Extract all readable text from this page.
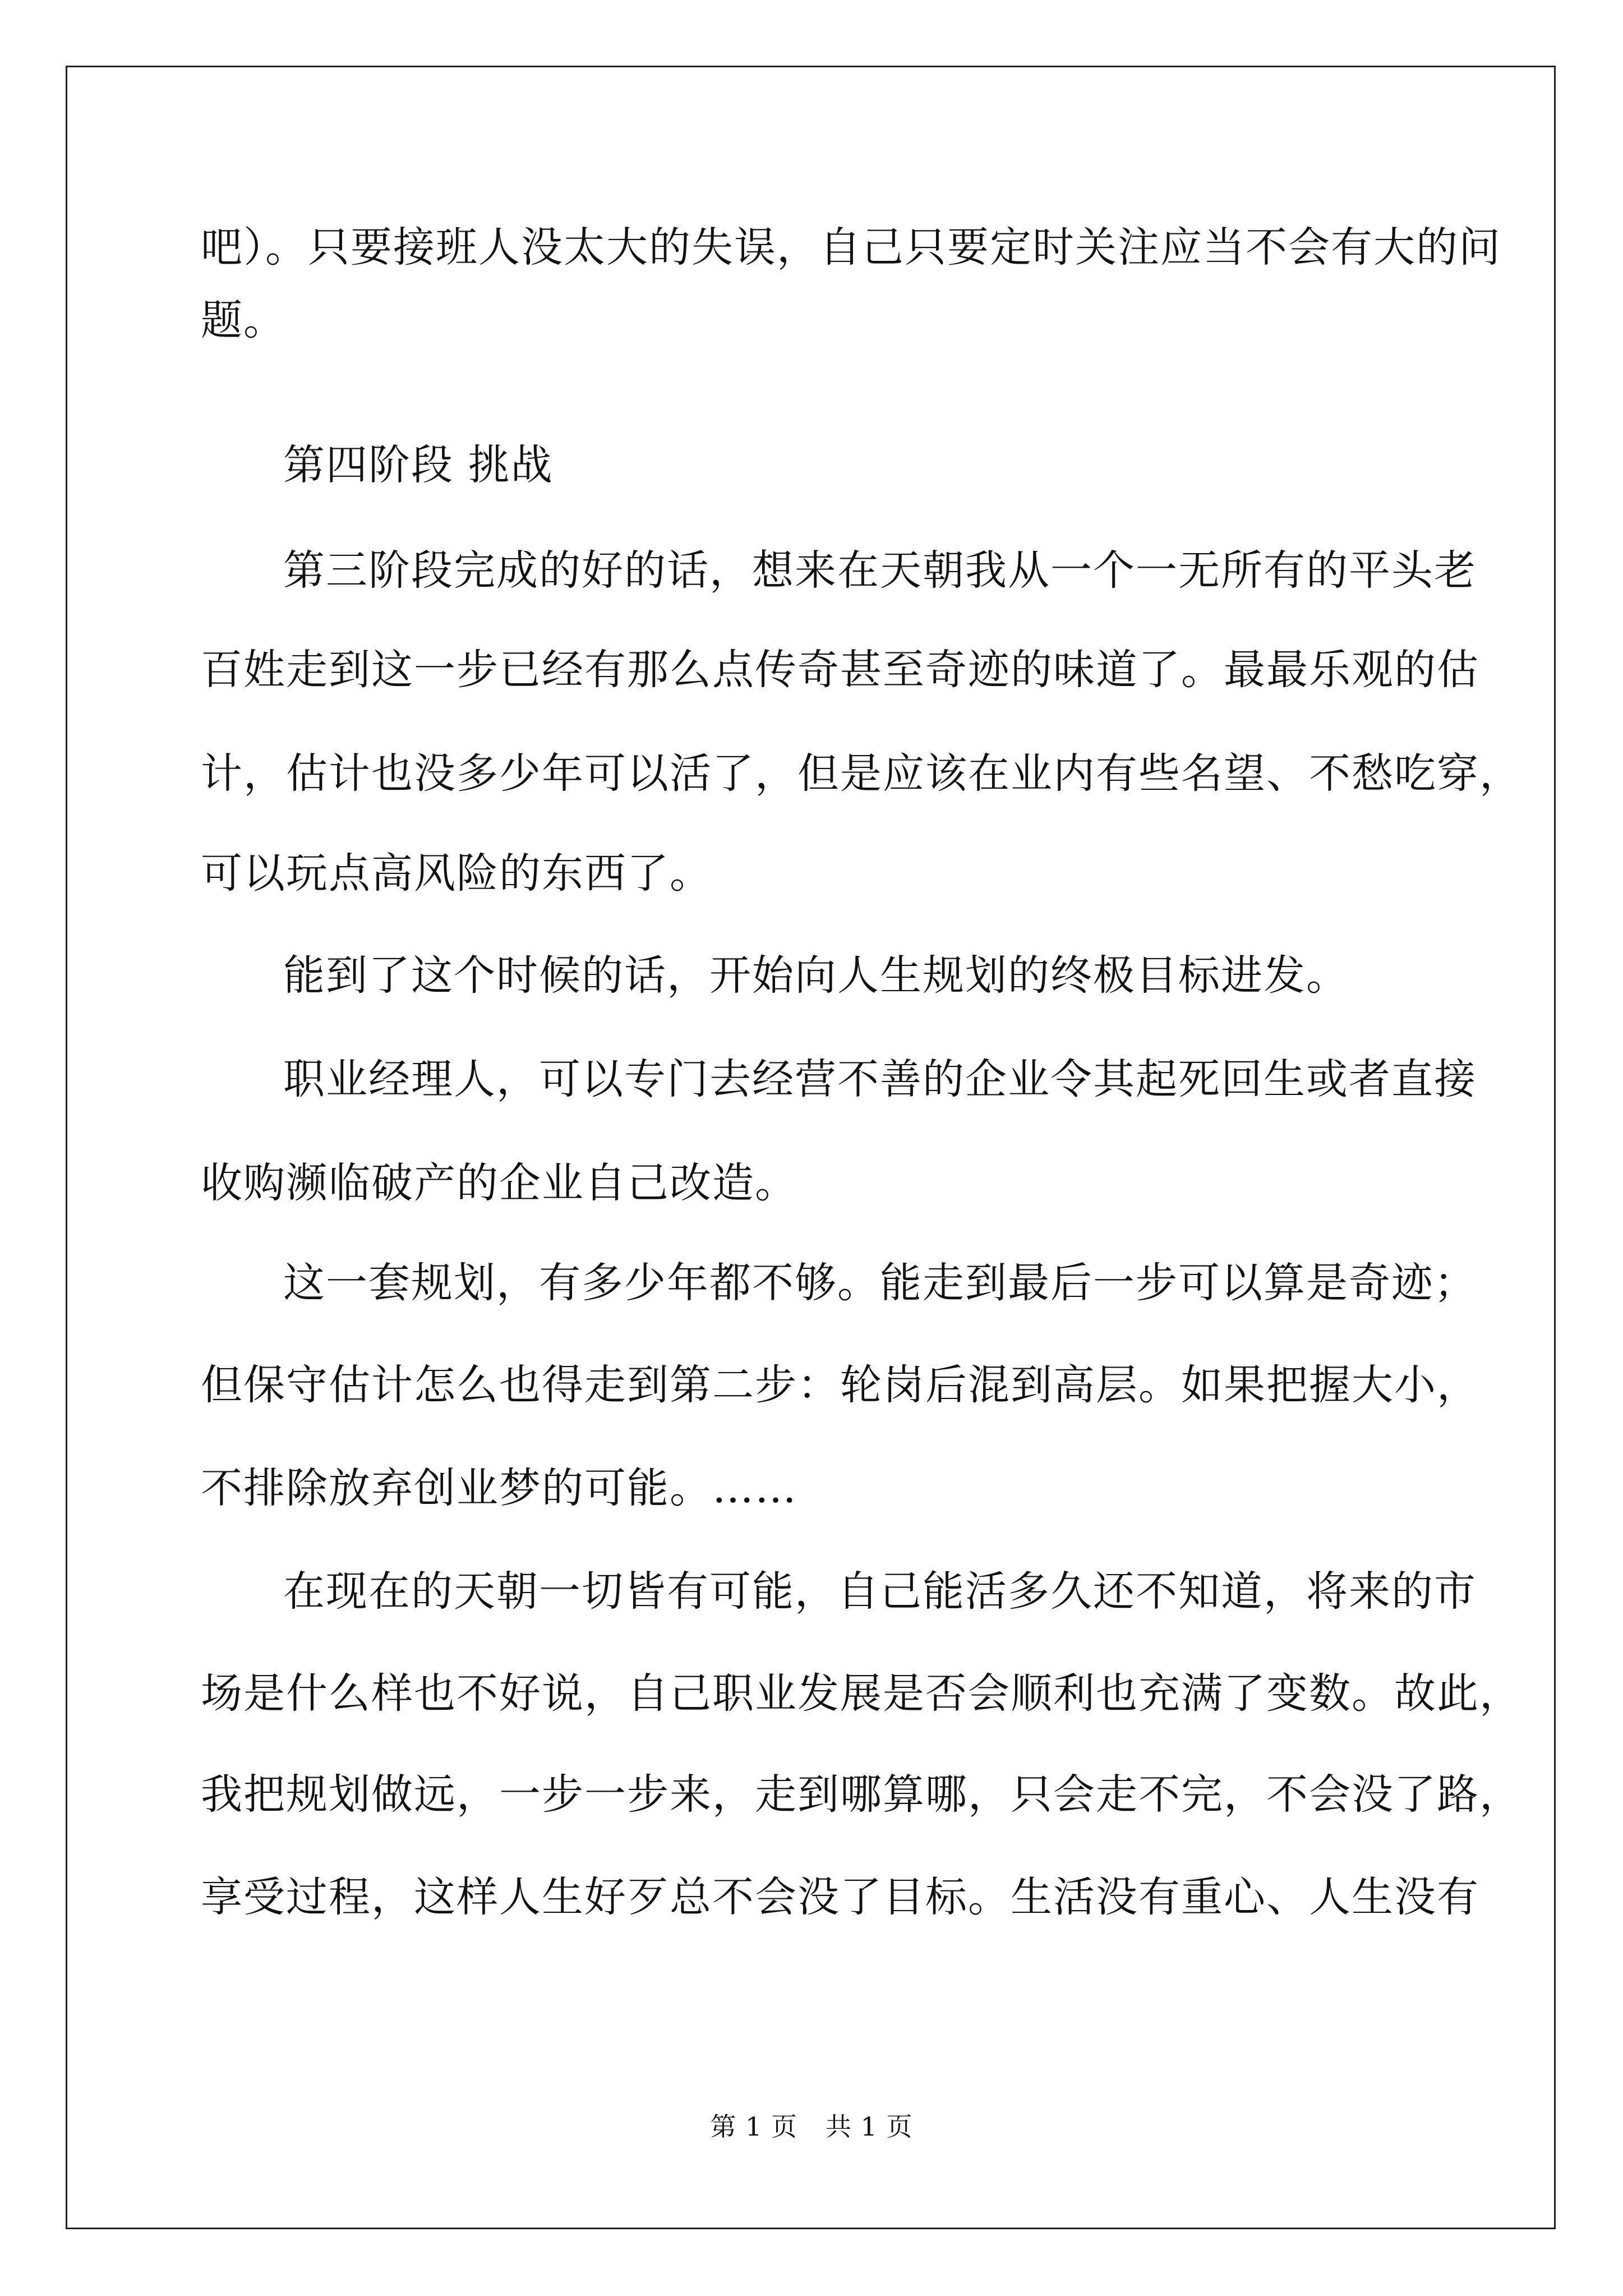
吧）。只要接班人没太大的失误，自己只要定时关注应当不会有大的问
题。
第四阶段 挑战
第三阶段完成的好的话，想来在天朝我从一个一无所有的平头老
百姓走到这一步已经有那么点传奇甚至奇迹的味道了。最最乐观的估
计，估计也没多少年可以活了，但是应该在业内有些名望、不愁吃穿，
可以玩点高风险的东西了。
能到了这个时候的话，开始向人生规划的终极目标进发。
职业经理人，可以专门去经营不善的企业令其起死回生或者直接
收购濒临破产的企业自己改造。
这一套规划，有多少年都不够。能走到最后一步可以算是奇迹；
但保守估计怎么也得走到第二步：轮岗后混到高层。如果把握大小，
不排除放弃创业梦的可能。……
在现在的天朝一切皆有可能，自己能活多久还不知道，将来的市
场是什么样也不好说，自己职业发展是否会顺利也充满了变数。故此，
我把规划做远，一步一步来，走到哪算哪，只会走不完，不会没了路，
享受过程，这样人生好歹总不会没了目标。生活没有重心、人生没有
第 1 页 共 1 页
